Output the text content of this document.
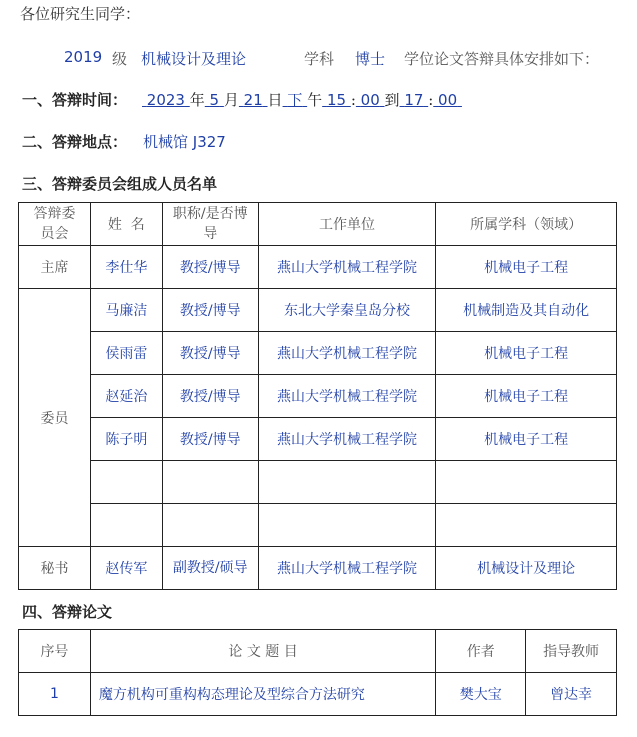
各位研究生同学：
2019 级 机械设计及理论	学科 博士 学位论文答辩具体安排如下：
一、答辩时间：	2023 年 5 月 21 日 下 午 15 : 00 到 17 : 00
二、答辩地点： 机械馆 J327
三、答辩委员会组成人员名单
答辩委员会	姓  名	职称/是否博导	工作单位	所属学科（领域）
主席	李仕华	教授/博导	燕山大学机械工程学院	机械电子工程
委员	马廉洁	教授/博导	东北大学秦皇岛分校	机械制造及其自动化
	侯雨雷	教授/博导	燕山大学机械工程学院	机械电子工程
	赵延治	教授/博导	燕山大学机械工程学院	机械电子工程
	陈子明	教授/博导	燕山大学机械工程学院	机械电子工程

秘书	赵传军	副教授/硕导	燕山大学机械工程学院	机械设计及理论
四、答辩论文
序号	论 文 题 目	作者	指导教师
1	魔方机构可重构构态理论及型综合方法研究	樊大宝	曾达幸
